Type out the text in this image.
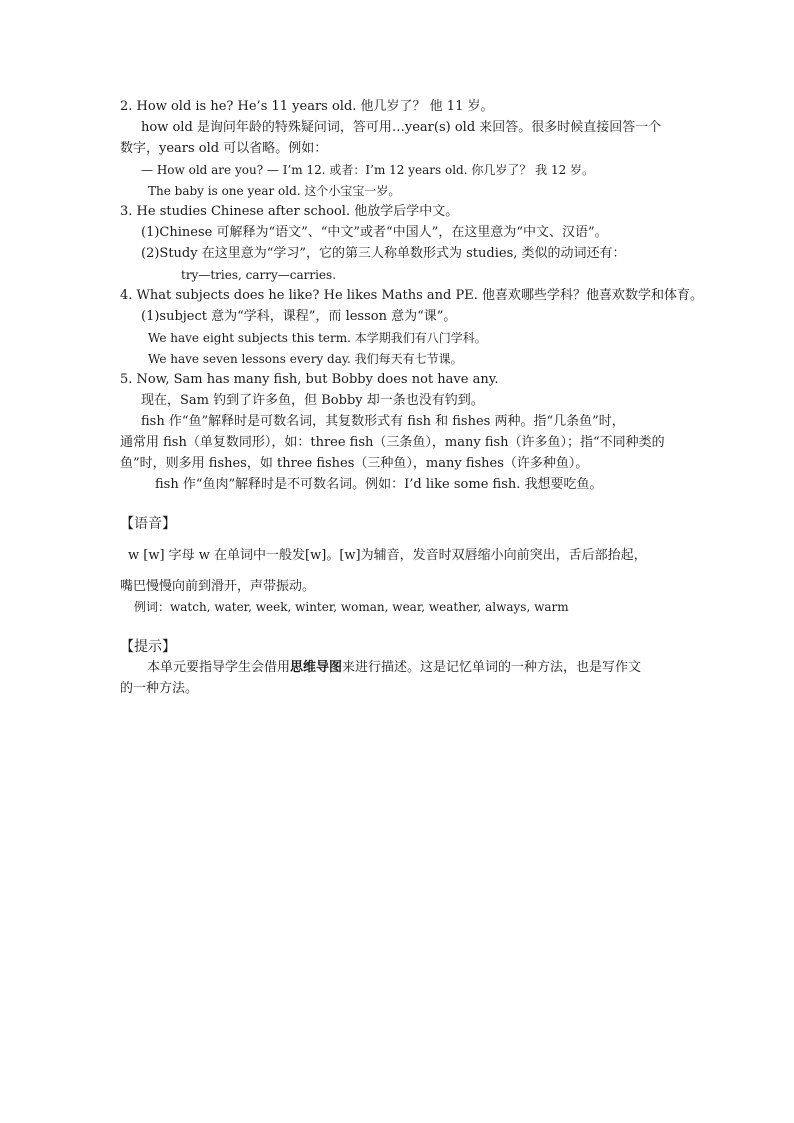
2. How old is he? He’s 11 years old. 他几岁了？ 他 11 岁。
how old 是询问年龄的特殊疑问词，答可用…year(s) old 来回答。很多时候直接回答一个
数字，years old 可以省略。例如：
— How old are you? — I’m 12. 或者：I’m 12 years old. 你几岁了？ 我 12 岁。
The baby is one year old. 这个小宝宝一岁。
3. He studies Chinese after school. 他放学后学中文。
(1)Chinese 可解释为“语文”、“中文”或者“中国人”，在这里意为“中文、汉语”。
(2)Study 在这里意为“学习”，它的第三人称单数形式为 studies, 类似的动词还有：
try—tries, carry—carries.
4. What subjects does he like? He likes Maths and PE. 他喜欢哪些学科？他喜欢数学和体育。
(1)subject 意为“学科，课程”，而 lesson 意为“课”。
We have eight subjects this term. 本学期我们有八门学科。
We have seven lessons every day. 我们每天有七节课。
5. Now, Sam has many fish, but Bobby does not have any.
现在，Sam 钓到了许多鱼，但 Bobby 却一条也没有钓到。
fish 作“鱼”解释时是可数名词，其复数形式有 fish 和 fishes 两种。指“几条鱼”时，
通常用 fish（单复数同形），如：three fish（三条鱼），many fish（许多鱼）；指“不同种类的
鱼”时，则多用 fishes，如 three fishes（三种鱼），many fishes（许多种鱼）。
fish 作“鱼肉”解释时是不可数名词。例如：I’d like some fish. 我想要吃鱼。
【语音】
w [w] 字母 w 在单词中一般发[w]。[w]为辅音，发音时双唇缩小向前突出，舌后部抬起，
嘴巴慢慢向前到滑开，声带振动。
例词：watch, water, week, winter, woman, wear, weather, always, warm
【提示】
本单元要指导学生会借用思维导图来进行描述。这是记忆单词的一种方法，也是写作文
的一种方法。
